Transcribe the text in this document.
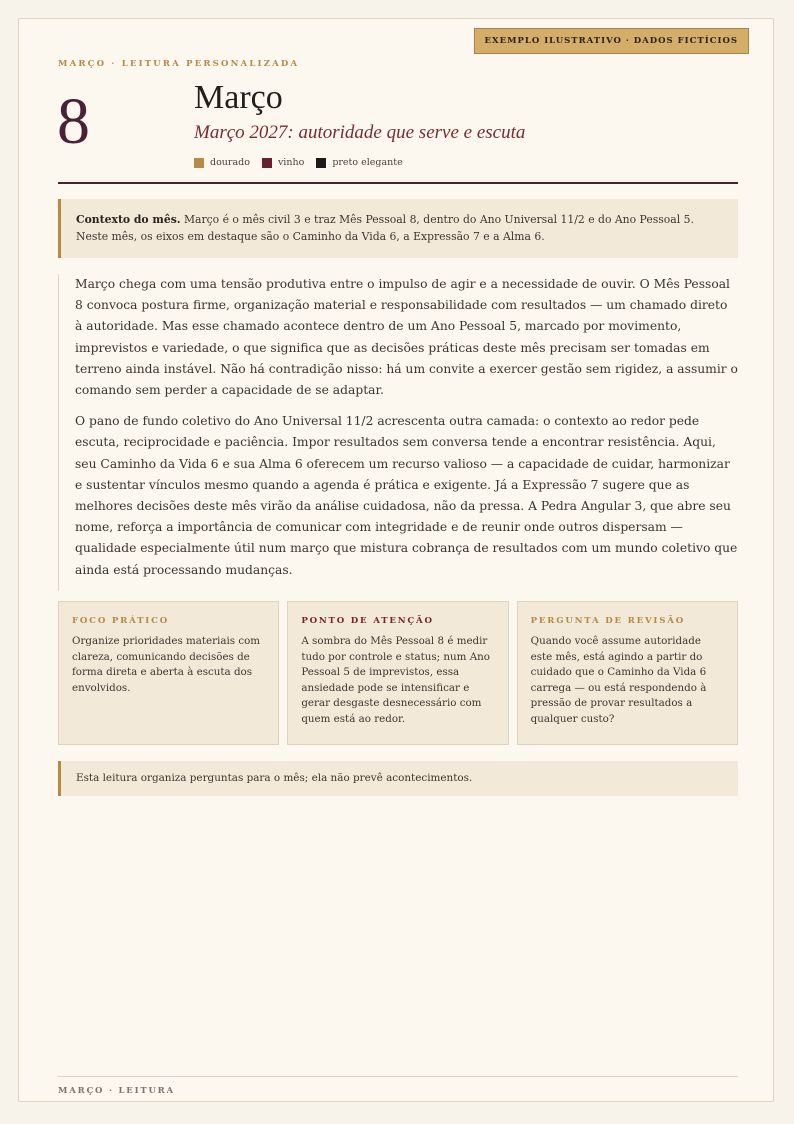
EXEMPLO ILUSTRATIVO · DADOS FICTÍCIOS
MARÇO · LEITURA PERSONALIZADA
8	Março
Março 2027: autoridade que serve e escuta
dourado	vinho	preto elegante
Contexto do mês. Março é o mês civil 3 e traz Mês Pessoal 8, dentro do Ano Universal 11/2 e do Ano Pessoal 5. Neste mês, os eixos em destaque são o Caminho da Vida 6, a Expressão 7 e a Alma 6.

Março chega com uma tensão produtiva entre o impulso de agir e a necessidade de ouvir. O Mês Pessoal 8 convoca postura firme, organização material e responsabilidade com resultados — um chamado direto à autoridade. Mas esse chamado acontece dentro de um Ano Pessoal 5, marcado por movimento, imprevistos e variedade, o que significa que as decisões práticas deste mês precisam ser tomadas em terreno ainda instável. Não há contradição nisso: há um convite a exercer gestão sem rigidez, a assumir o comando sem perder a capacidade de se adaptar.

O pano de fundo coletivo do Ano Universal 11/2 acrescenta outra camada: o contexto ao redor pede escuta, reciprocidade e paciência. Impor resultados sem conversa tende a encontrar resistência. Aqui, seu Caminho da Vida 6 e sua Alma 6 oferecem um recurso valioso — a capacidade de cuidar, harmonizar e sustentar vínculos mesmo quando a agenda é prática e exigente. Já a Expressão 7 sugere que as melhores decisões deste mês virão da análise cuidadosa, não da pressa. A Pedra Angular 3, que abre seu nome, reforça a importância de comunicar com integridade e de reunir onde outros dispersam — qualidade especialmente útil num março que mistura cobrança de resultados com um mundo coletivo que ainda está processando mudanças.

FOCO PRÁTICO
Organize prioridades materiais com clareza, comunicando decisões de forma direta e aberta à escuta dos envolvidos.
PONTO DE ATENÇÃO
A sombra do Mês Pessoal 8 é medir tudo por controle e status; num Ano Pessoal 5 de imprevistos, essa ansiedade pode se intensificar e gerar desgaste desnecessário com quem está ao redor.
PERGUNTA DE REVISÃO
Quando você assume autoridade este mês, está agindo a partir do cuidado que o Caminho da Vida 6 carrega — ou está respondendo à pressão de provar resultados a qualquer custo?
Esta leitura organiza perguntas para o mês; ela não prevê acontecimentos.
MARÇO · LEITURA
